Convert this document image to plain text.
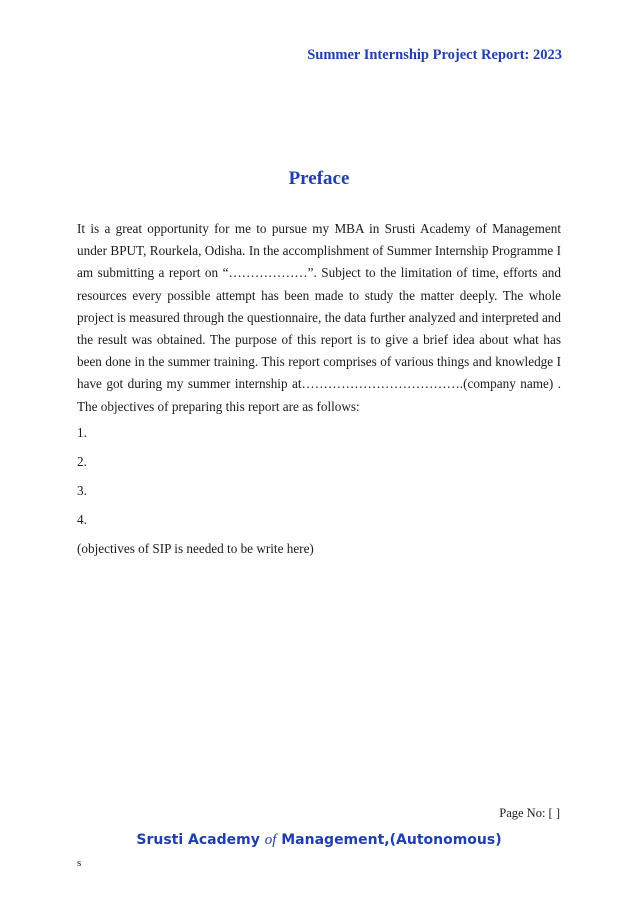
Summer Internship Project Report: 2023
Preface

It is a great opportunity for me to pursue my MBA in Srusti Academy of Management under BPUT, Rourkela, Odisha. In the accomplishment of Summer Internship Programme I am submitting a report on “………………”. Subject to the limitation of time, efforts and resources every possible attempt has been made to study the matter deeply. The whole project is measured through the questionnaire, the data further analyzed and interpreted and the result was obtained. The purpose of this report is to give a brief idea about what has been done in the summer training. This report comprises of various things and knowledge I have got during my summer internship at……………………………….(company name) . The objectives of preparing this report are as follows:

1.
2.
3.
4.
(objectives of SIP is needed to be write here)
Page No: [ ]
Srusti Academy of Management,(Autonomous)
s
